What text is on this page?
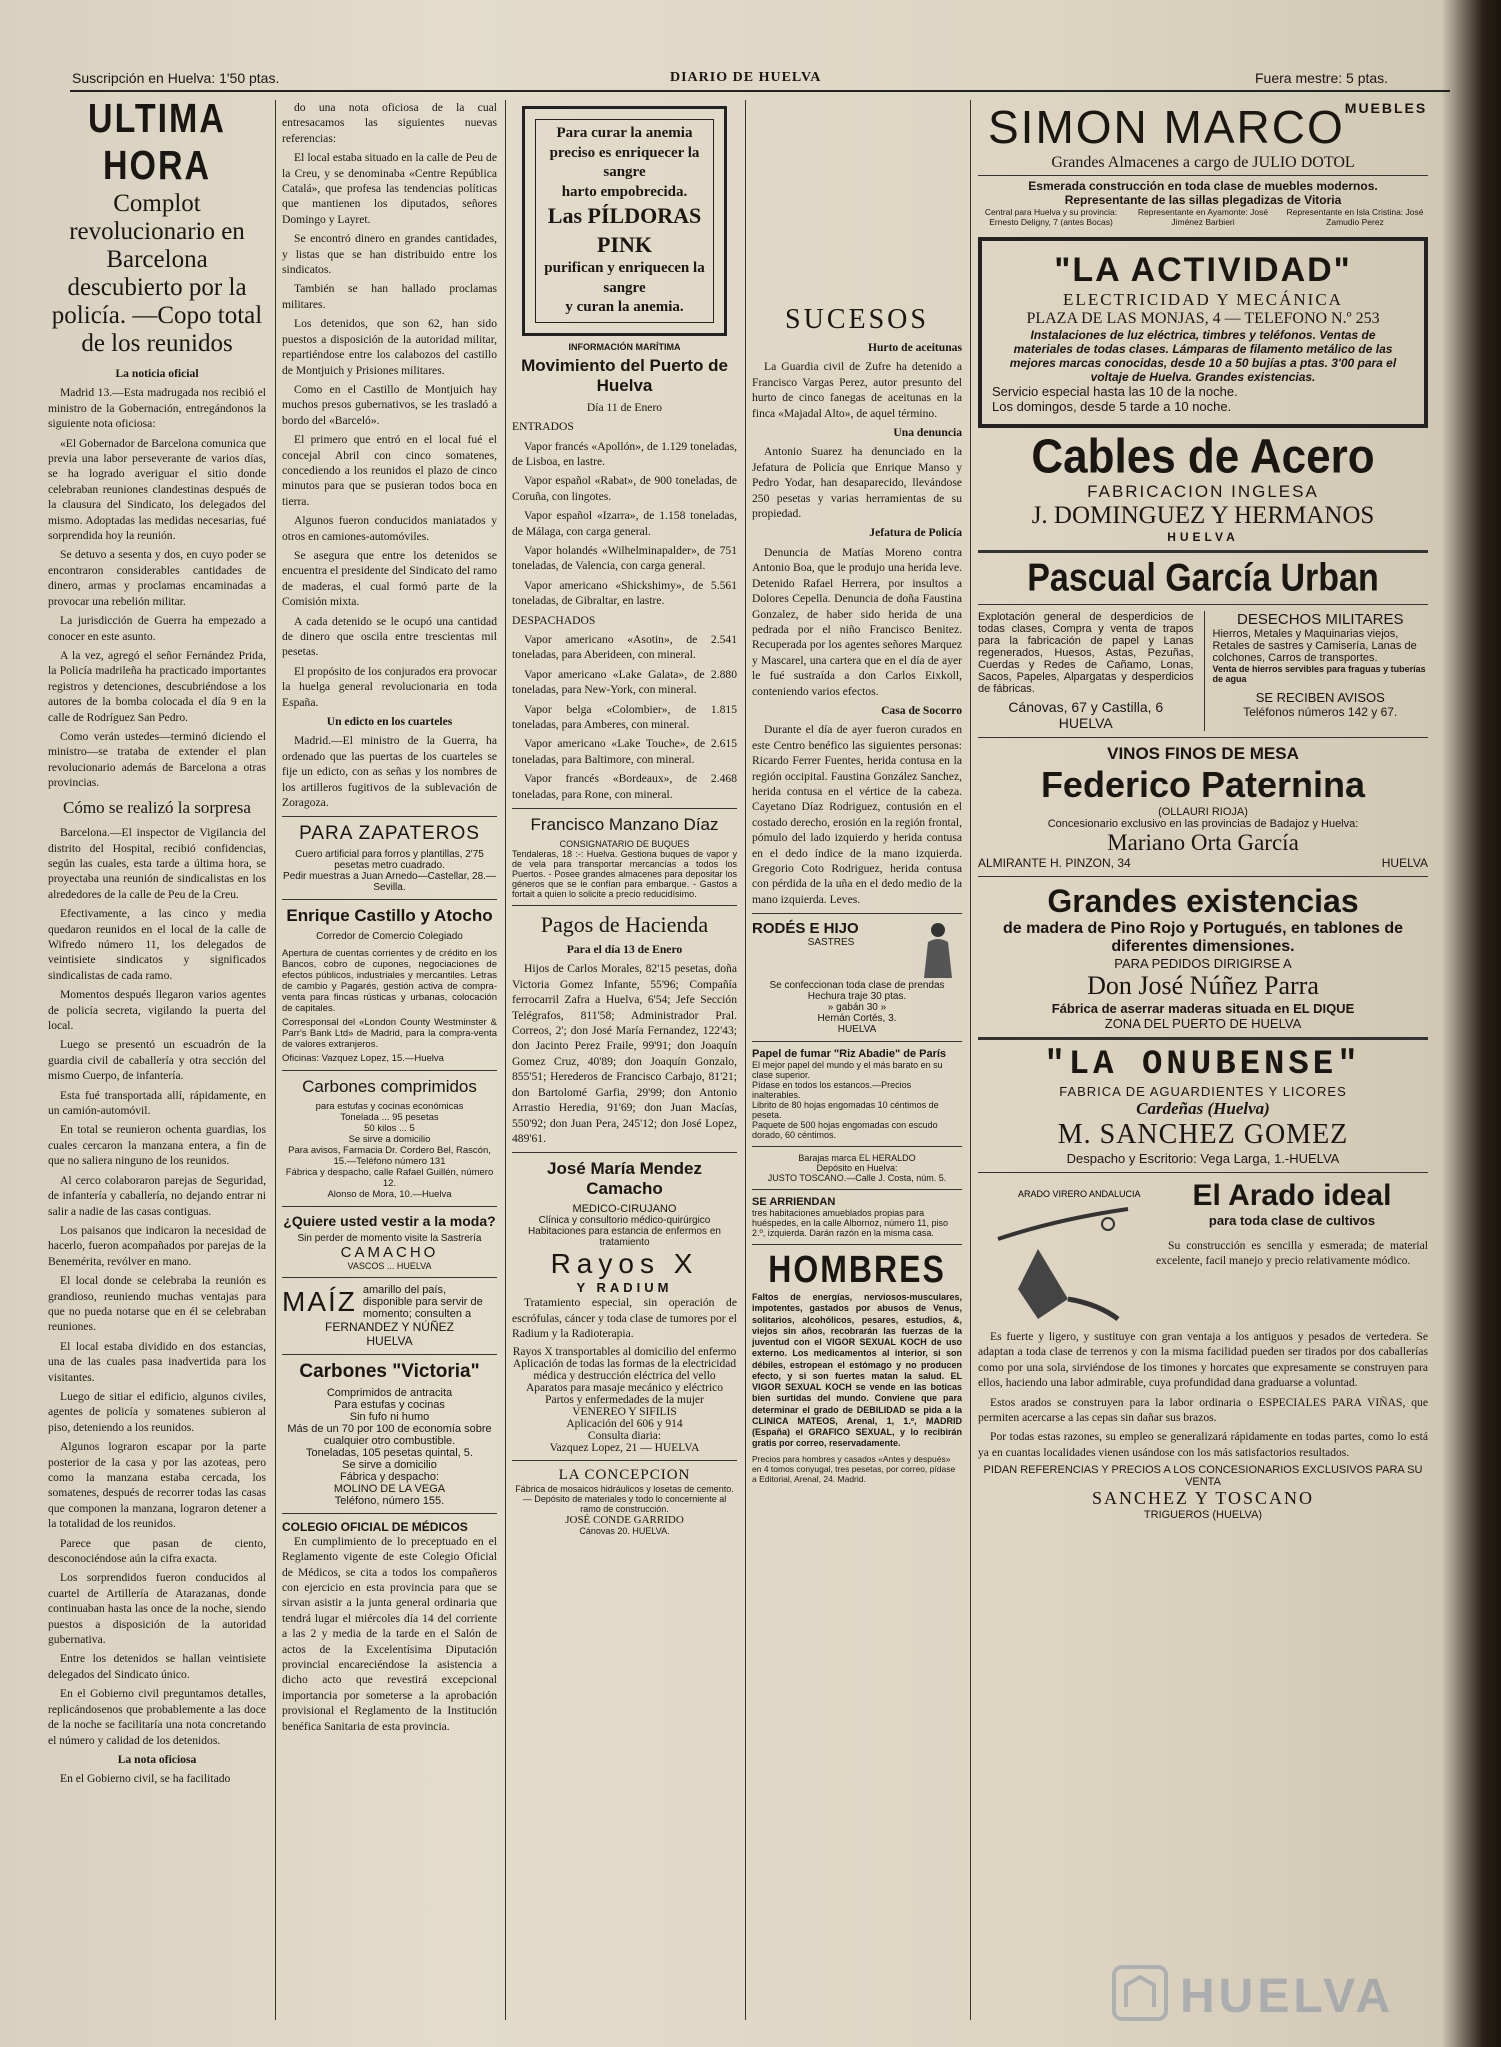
Suscripción en Huelva: 1'50 ptas.	DIARIO DE HUELVA	Fuera mestre: 5 ptas.
ULTIMA HORA
Complot revolucionario en Barcelona descubierto por la policía. —Copo total de los reunidos
La noticia oficial
Madrid 13.—Esta madrugada nos recibió el ministro de la Gobernación, entregándonos la siguiente nota oficiosa:
«El Gobernador de Barcelona comunica que previa una labor perseverante de varios días, se ha logrado averiguar el sitio donde celebraban reuniones clandestinas después de la clausura del Sindicato, los delegados del mismo. Adoptadas las medidas necesarias, fué sorprendida hoy la reunión.
Se detuvo a sesenta y dos, en cuyo poder se encontraron considerables cantidades de dinero, armas y proclamas encaminadas a provocar una rebelión militar.
La jurisdicción de Guerra ha empezado a conocer en este asunto.
A la vez, agregó el señor Fernández Prida, la Policía madrileña ha practicado importantes registros y detenciones, descubriéndose a los autores de la bomba colocada el día 9 en la calle de Rodríguez San Pedro.
Como verán ustedes—terminó diciendo el ministro—se trataba de extender el plan revolucionario además de Barcelona a otras provincias.
Cómo se realizó la sorpresa
Barcelona.—El inspector de Vigilancia del distrito del Hospital, recibió confidencias, según las cuales, esta tarde a última hora, se proyectaba una reunión de sindicalistas en los alrededores de la calle de Peu de la Creu.
Efectivamente, a las cinco y media quedaron reunidos en el local de la calle de Wifredo número 11, los delegados de veintisiete sindicatos y significados sindicalistas de cada ramo.
Momentos después llegaron varios agentes de policía secreta, vigilando la puerta del local.
Luego se presentó un escuadrón de la guardia civil de caballería y otra sección del mismo Cuerpo, de infantería.
Esta fué transportada allí, rápidamente, en un camión-automóvil.
En total se reunieron ochenta guardias, los cuales cercaron la manzana entera, a fin de que no saliera ninguno de los reunidos.
Al cerco colaboraron parejas de Seguridad, de infantería y caballería, no dejando entrar ni salir a nadie de las casas contiguas.
Los paisanos que indicaron la necesidad de hacerlo, fueron acompañados por parejas de la Benemérita, revólver en mano.
El local donde se celebraba la reunión es grandioso, reuniendo muchas ventajas para que no pueda notarse que en él se celebraban reuniones.
El local estaba dividido en dos estancias, una de las cuales pasa inadvertida para los visitantes.
Luego de sitiar el edificio, algunos civiles, agentes de policía y somatenes subieron al piso, deteniendo a los reunidos.
Algunos lograron escapar por la parte posterior de la casa y por las azoteas, pero como la manzana estaba cercada, los somatenes, después de recorrer todas las casas que componen la manzana, lograron detener a la totalidad de los reunidos.
Parece que pasan de ciento, desconociéndose aún la cifra exacta.
Los sorprendidos fueron conducidos al cuartel de Artillería de Atarazanas, donde continuaban hasta las once de la noche, siendo puestos a disposición de la autoridad gubernativa.
Entre los detenidos se hallan veintisiete delegados del Sindicato único.
En el Gobierno civil preguntamos detalles, replicándosenos que probablemente a las doce de la noche se facilitaría una nota concretando el número y calidad de los detenidos.
La nota oficiosa
En el Gobierno civil, se ha facilitado
do una nota oficiosa de la cual entresacamos las siguientes nuevas referencias:
El local estaba situado en la calle de Peu de la Creu, y se denominaba «Centre República Catalá», que profesa las tendencias políticas que mantienen los diputados, señores Domingo y Layret.
Se encontró dinero en grandes cantidades, y listas que se han distribuido entre los sindicatos.
También se han hallado proclamas militares.
Los detenidos, que son 62, han sido puestos a disposición de la autoridad militar, repartiéndose entre los calabozos del castillo de Montjuich y Prisiones militares.
Como en el Castillo de Montjuich hay muchos presos gubernativos, se les trasladó a bordo del «Barceló».
El primero que entró en el local fué el concejal Abril con cinco somatenes, concediendo a los reunidos el plazo de cinco minutos para que se pusieran todos boca en tierra.
Algunos fueron conducidos maniatados y otros en camiones-automóviles.
Se asegura que entre los detenidos se encuentra el presidente del Sindicato del ramo de maderas, el cual formó parte de la Comisión mixta.
A cada detenido se le ocupó una cantidad de dinero que oscila entre trescientas mil pesetas.
El propósito de los conjurados era provocar la huelga general revolucionaria en toda España.
Un edicto en los cuarteles
Madrid.—El ministro de la Guerra, ha ordenado que las puertas de los cuarteles se fije un edicto, con as señas y los nombres de los artilleros fugitivos de la sublevación de Zoragoza.
PARA ZAPATEROS
Cuero artificial para forros y plantillas, 2'75 pesetas metro cuadrado.
Pedir muestras a Juan Arnedo—Castellar, 28.—Sevilla.
Enrique Castillo y Atocho
Corredor de Comercio Colegiado
Apertura de cuentas corrientes y de crédito en los Bancos, cobro de cupones, negociaciones de efectos públicos, industriales y mercantiles. Letras de cambio y Pagarés, gestión activa de compra-venta para fincas rústicas y urbanas, colocación de capitales.
Corresponsal del «London County Westminster & Parr's Bank Ltd» de Madrid, para la compra-venta de valores extranjeros.
Oficinas: Vazquez Lopez, 15.—Huelva
Carbones comprimidos
para estufas y cocinas económicas
Tonelada ... 95 pesetas
50 kilos ... 5
Se sirve a domicilio
Para avisos, Farmacia Dr. Cordero Bel, Rascón, 15.—Teléfono número 131
Fábrica y despacho, calle Rafael Guillén, número 12.
Alonso de Mora, 10.—Huelva
¿Quiere usted vestir a la moda?
Sin perder de momento visite la Sastrería
CAMACHO
VASCOS ... HUELVA
MAÍZ amarillo del país, disponible para servir de momento; consulten a
FERNANDEZ Y NÚÑEZ
HUELVA
Carbones "Victoria"
Comprimidos de antracita
Para estufas y cocinas
Sin fufo ni humo
Más de un 70 por 100 de economía sobre cualquier otro combustible.
Toneladas, 105 pesetas quintal, 5.
Se sirve a domicilio
Fábrica y despacho:
MOLINO DE LA VEGA
Teléfono, número 155.
COLEGIO OFICIAL DE MÉDICOS
En cumplimiento de lo preceptuado en el Reglamento vigente de este Colegio Oficial de Médicos, se cita a todos los compañeros con ejercicio en esta provincia para que se sirvan asistir a la junta general ordinaria que tendrá lugar el miércoles día 14 del corriente a las 2 y media de la tarde en el Salón de actos de la Excelentísima Diputación provincial encareciéndose la asistencia a dicho acto que revestirá excepcional importancia por someterse a la aprobación provisional el Reglamento de la Institución benéfica Sanitaria de esta provincia.
Para curar la anemia
preciso es enriquecer la sangre
harto empobrecida.
Las PÍLDORAS PINK
purifican y enriquecen la sangre
y curan la anemia.
INFORMACIÓN MARÍTIMA
Movimiento del Puerto de Huelva
Día 11 de Enero
ENTRADOS
Vapor francés «Apollón», de 1.129 toneladas, de Lisboa, en lastre.
Vapor español «Rabat», de 900 toneladas, de Coruña, con lingotes.
Vapor español «Izarra», de 1.158 toneladas, de Málaga, con carga general.
Vapor holandés «Wilhelminapalder», de 751 toneladas, de Valencia, con carga general.
Vapor americano «Shickshimy», de 5.561 toneladas, de Gibraltar, en lastre.
DESPACHADOS
Vapor americano «Asotin», de 2.541 toneladas, para Aberideen, con mineral.
Vapor americano «Lake Galata», de 2.880 toneladas, para New-York, con mineral.
Vapor belga «Colombier», de 1.815 toneladas, para Amberes, con mineral.
Vapor americano «Lake Touche», de 2.615 toneladas, para Baltimore, con mineral.
Vapor francés «Bordeaux», de 2.468 toneladas, para Rone, con mineral.
Francisco Manzano Díaz
CONSIGNATARIO DE BUQUES
Tendaleras, 18 :-: Huelva. Gestiona buques de vapor y de vela para transportar mercancías a todos los Puertos. - Posee grandes almacenes para depositar los géneros que se le confían para embarque. - Gastos a fortait a quien lo solicite a precio reducidísimo.
Pagos de Hacienda
Para el día 13 de Enero
Hijos de Carlos Morales, 82'15 pesetas, doña Victoria Gomez Infante, 55'96; Compañía ferrocarril Zafra a Huelva, 6'54; Jefe Sección Telégrafos, 811'58; Administrador Pral. Correos, 2'; don José María Fernandez, 122'43; don Jacinto Perez Fraile, 99'91; don Joaquín Gomez Cruz, 40'89; don Joaquín Gonzalo, 855'51; Herederos de Francisco Carbajo, 81'21; don Bartolomé Garfia, 29'99; don Antonio Arrastio Heredia, 91'69; don Juan Macías, 550'92; don Juan Pera, 245'12; don José Lopez, 489'61.
José María Mendez Camacho
MEDICO-CIRUJANO
Clínica y consultorio médico-quirúrgico
Habitaciones para estancia de enfermos en tratamiento
Rayos X
Y RADIUM
Tratamiento especial, sin operación de escrófulas, cáncer y toda clase de tumores por el Radium y la Radioterapia.
Rayos X transportables al domicilio del enfermo
Aplicación de todas las formas de la electricidad médica y destrucción eléctrica del vello
Aparatos para masaje mecánico y eléctrico
Partos y enfermedades de la mujer
VENEREO Y SIFILIS
Aplicación del 606 y 914
Consulta diaria:
Vazquez Lopez, 21 — HUELVA
LA CONCEPCION
Fábrica de mosaicos hidráulicos y losetas de cemento. — Depósito de materiales y todo lo concerniente al ramo de construcción.
JOSÉ CONDE GARRIDO
Cánovas 20. HUELVA.
SUCESOS
Hurto de aceitunas
La Guardia civil de Zufre ha detenido a Francisco Vargas Perez, autor presunto del hurto de cinco fanegas de aceitunas en la finca «Majadal Alto», de aquel término.
Una denuncia
Antonio Suarez ha denunciado en la Jefatura de Policía que Enrique Manso y Pedro Yodar, han desaparecido, llevándose 250 pesetas y varias herramientas de su propiedad.
Jefatura de Policía
Denuncia de Matías Moreno contra Antonio Boa, que le produjo una herida leve. Detenido Rafael Herrera, por insultos a Dolores Cepella. Denuncia de doña Faustina Gonzalez, de haber sido herida de una pedrada por el niño Francisco Benitez. Recuperada por los agentes señores Marquez y Mascarel, una cartera que en el día de ayer le fué sustraída a don Carlos Eixkoll, conteniendo varios efectos.
Casa de Socorro
Durante el día de ayer fueron curados en este Centro benéfico las siguientes personas: Ricardo Ferrer Fuentes, herida contusa en la región occipital. Faustina González Sanchez, herida contusa en el vértice de la cabeza. Cayetano Díaz Rodriguez, contusión en el costado derecho, erosión en la región frontal, pómulo del lado izquierdo y herida contusa en el dedo índice de la mano izquierda. Gregorio Coto Rodriguez, herida contusa con pérdida de la uña en el dedo medio de la mano izquierda. Leves.
RODÉS E HIJO
SASTRES
Se confeccionan toda clase de prendas
Hechura traje 30 ptas.
» gabán 30 »
Hernán Cortés, 3.
HUELVA
Papel de fumar "Riz Abadie" de París
El mejor papel del mundo y el más barato en su clase superior.
Pídase en todos los estancos.—Precios inalterables.
Librito de 80 hojas engomadas 10 céntimos de peseta.
Paquete de 500 hojas engomadas con escudo dorado, 60 céntimos.
Barajas marca EL HERALDO
Depósito en Huelva:
JUSTO TOSCANO.—Calle J. Costa, núm. 5.
SE ARRIENDAN
tres habitaciones amueblados propias para huéspedes, en la calle Albornoz, número 11, piso 2.º, izquierda. Darán razón en la misma casa.
HOMBRES
Faltos de energías, nerviosos-musculares, impotentes, gastados por abusos de Venus, solitarios, alcohólicos, pesares, estudios, &, viejos sin años, recobrarán las fuerzas de la juventud con el VIGOR SEXUAL KOCH de uso externo. Los medicamentos al interior, si son débiles, estropean el estómago y no producen efecto, y si son fuertes matan la salud. EL VIGOR SEXUAL KOCH se vende en las boticas bien surtidas del mundo. Conviene que para determinar el grado de DEBILIDAD se pida a la CLINICA MATEOS, Arenal, 1, 1.º, MADRID (España) el GRAFICO SEXUAL, y lo recibirán gratis por correo, reservadamente.
Precios para hombres y casados «Antes y después» en 4 tomos conyugal, tres pesetas, por correo, pídase a Editorial, Arenal, 24. Madrid.
SIMON $MARCO^{MUEBLES}$
Grandes Almacenes a cargo de JULIO DOTOL
Esmerada construcción en toda clase de muebles modernos.
Representante de las sillas plegadizas de Vitoria
Central para Huelva y su provincia: Ernesto Deligny, 7 (antes Bocas)
Representante en Ayamonte: José Jiménez Barbieri
Representante en Isla Cristina: José Zamudio Perez
"LA ACTIVIDAD"
ELECTRICIDAD Y MECÁNICA
PLAZA DE LAS MONJAS, 4 — TELEFONO N.º 253
Instalaciones de luz eléctrica, timbres y teléfonos. Ventas de materiales de todas clases. Lámparas de filamento metálico de las mejores marcas conocidas, desde 10 a 50 bujías a ptas. 3'00 para el voltaje de Huelva. Grandes existencias.
Servicio especial hasta las 10 de la noche.
Los domingos, desde 5 tarde a 10 noche.
Cables de Acero
FABRICACION INGLESA
J. DOMINGUEZ Y HERMANOS
HUELVA
Pascual García Urban
Explotación general de desperdicios de todas clases, Compra y venta de trapos para la fabricación de papel y Lanas regenerados, Huesos, Astas, Pezuñas, Cuerdas y Redes de Cañamo, Lonas, Sacos, Papeles, Alpargatas y desperdicios de fábricas.
Cánovas, 67 y Castilla, 6
HUELVA
DESECHOS MILITARES
Hierros, Metales y Maquinarias viejos, Retales de sastres y Camisería, Lanas de colchones, Carros de transportes.
Venta de hierros servibles para fraguas y tuberías de agua
SE RECIBEN AVISOS
Teléfonos números 142 y 67.
VINOS FINOS DE MESA
Federico Paternina
(OLLAURI RIOJA)
Concesionario exclusivo en las provincias de Badajoz y Huelva:
Mariano Orta García
ALMIRANTE H. PINZON, 34	HUELVA
Grandes existencias
de madera de Pino Rojo y Portugués, en tablones de diferentes dimensiones.
PARA PEDIDOS DIRIGIRSE A
Don José Núñez Parra
Fábrica de aserrar maderas situada en EL DIQUE
ZONA DEL PUERTO DE HUELVA
"LA ONUBENSE"
FABRICA DE AGUARDIENTES Y LICORES
Cardeñas (Huelva)
M. SANCHEZ GOMEZ
Despacho y Escritorio: Vega Larga, 1.-HUELVA
ARADO VIRERO ANDALUCIA	El Arado ideal
para toda clase de cultivos
Su construcción es sencilla y esmerada; de material excelente, facil manejo y precio relativamente módico.
Es fuerte y ligero, y sustituye con gran ventaja a los antiguos y pesados de vertedera. Se adaptan a toda clase de terrenos y con la misma facilidad pueden ser tirados por dos caballerías como por una sola, sirviéndose de los timones y horcates que expresamente se construyen para ellos, haciendo una labor admirable, cuya profundidad dana graduarse a voluntad.
Estos arados se construyen para la labor ordinaria o ESPECIALES PARA VIÑAS, que permiten acercarse a las cepas sin dañar sus brazos.
Por todas estas razones, su empleo se generalizará rápidamente en todas partes, como lo está ya en cuantas localidades vienen usándose con los más satisfactorios resultados.
PIDAN REFERENCIAS Y PRECIOS A LOS CONCESIONARIOS EXCLUSIVOS PARA SU VENTA
SANCHEZ Y TOSCANO
TRIGUEROS (HUELVA)
HUELVA
